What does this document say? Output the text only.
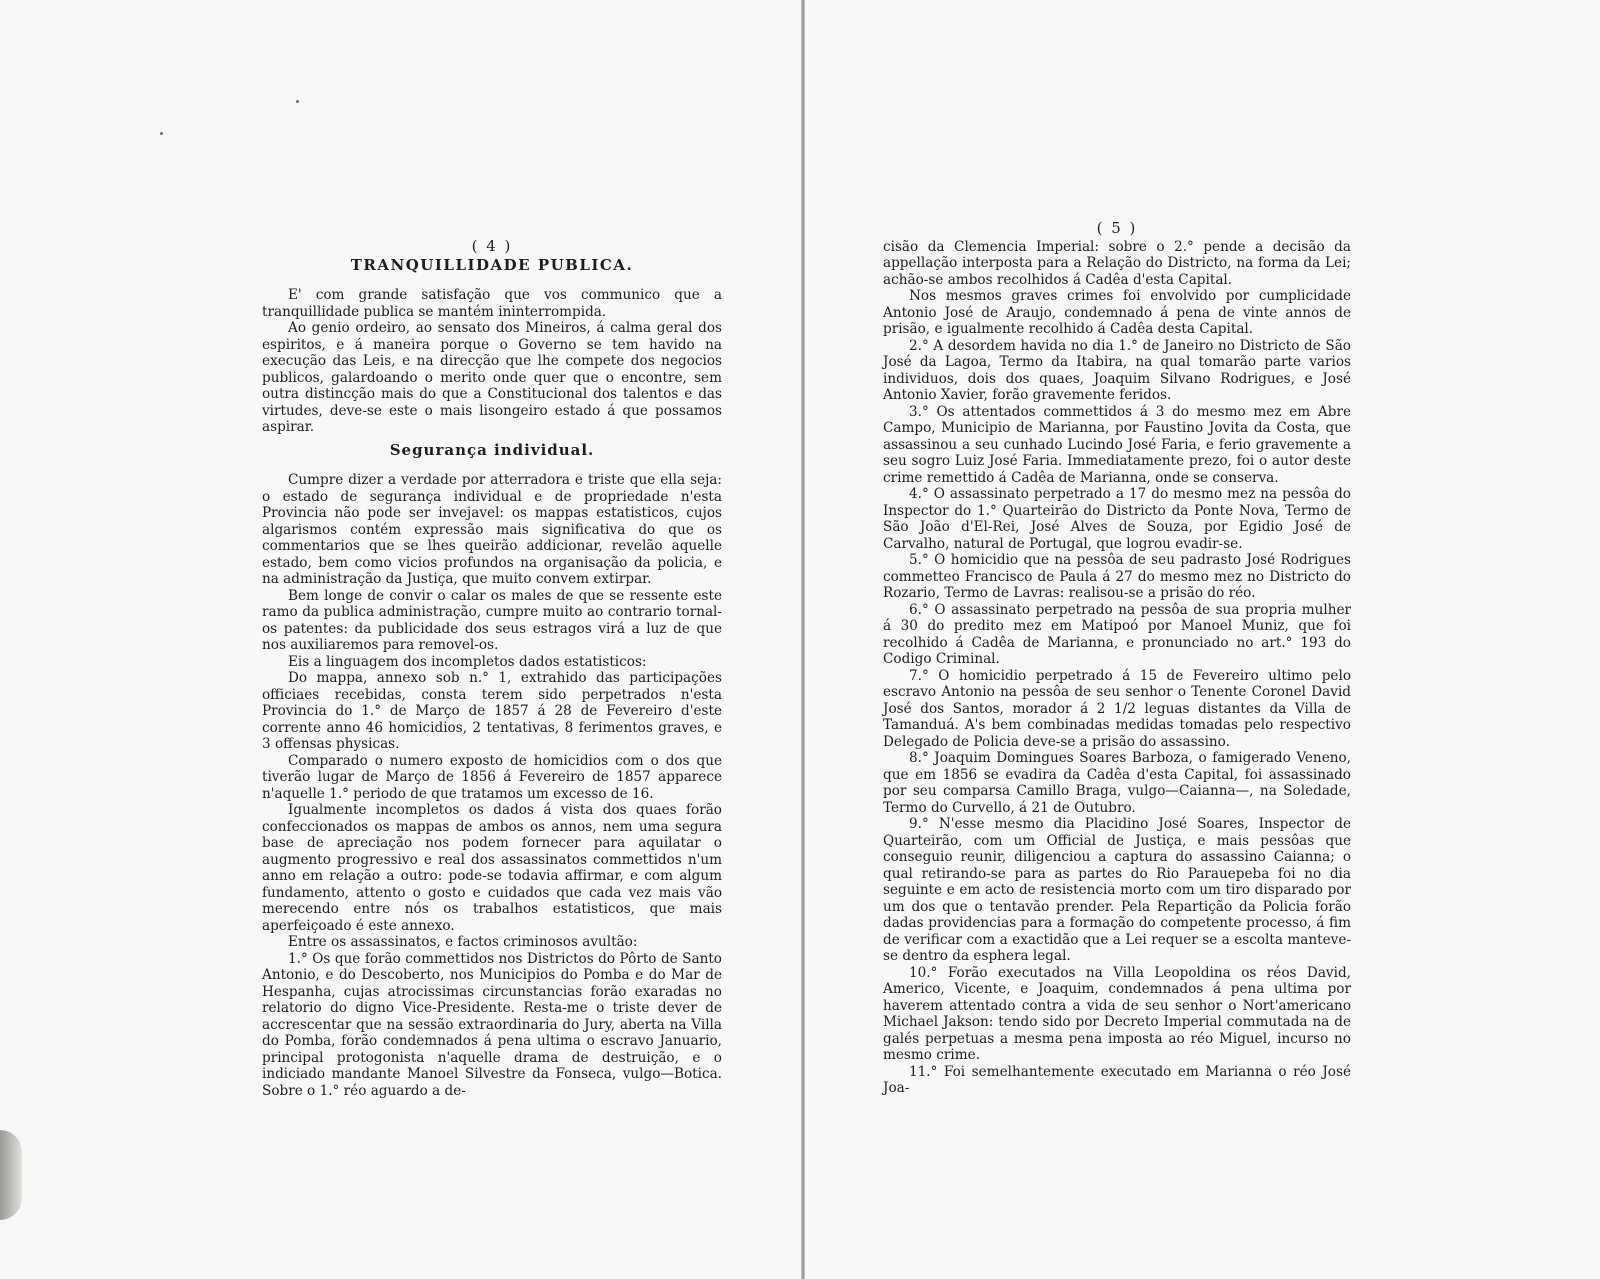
( 4 )
TRANQUILLIDADE PUBLICA.

E' com grande satisfação que vos communico que a tranquillidade publica se mantém ininterrompida.

Ao genio ordeiro, ao sensato dos Mineiros, á calma geral dos espiritos, e á maneira porque o Governo se tem havido na execução das Leis, e na direcção que lhe compete dos negocios publicos, galardoando o merito onde quer que o encontre, sem outra distincção mais do que a Constitucional dos talentos e das virtudes, deve-se este o mais lisongeiro estado á que possamos aspirar.

Segurança individual.

Cumpre dizer a verdade por atterradora e triste que ella seja: o estado de segurança individual e de propriedade n'esta Provincia não pode ser invejavel: os mappas estatisticos, cujos algarismos contém expressão mais significativa do que os commentarios que se lhes queirão addicionar, revelão aquelle estado, bem como vicios profundos na organisação da policia, e na administração da Justiça, que muito convem extirpar.

Bem longe de convir o calar os males de que se ressente este ramo da publica administração, cumpre muito ao contrario tornal-os patentes: da publicidade dos seus estragos virá a luz de que nos auxiliaremos para removel-os.

Eis a linguagem dos incompletos dados estatisticos:

Do mappa, annexo sob n.° 1, extrahido das participações officiaes recebidas, consta terem sido perpetrados n'esta Provincia do 1.° de Março de 1857 á 28 de Fevereiro d'este corrente anno 46 homicidios, 2 tentativas, 8 ferimentos graves, e 3 offensas physicas.

Comparado o numero exposto de homicidios com o dos que tiverão lugar de Março de 1856 á Fevereiro de 1857 apparece n'aquelle 1.° periodo de que tratamos um excesso de 16.

Igualmente incompletos os dados á vista dos quaes forão confeccionados os mappas de ambos os annos, nem uma segura base de apreciação nos podem fornecer para aquilatar o augmento progressivo e real dos assassinatos commettidos n'um anno em relação a outro: pode-se todavia affirmar, e com algum fundamento, attento o gosto e cuidados que cada vez mais vão merecendo entre nós os trabalhos estatisticos, que mais aperfeiçoado é este annexo.

Entre os assassinatos, e factos criminosos avultão:

1.° Os que forão commettidos nos Districtos do Pôrto de Santo Antonio, e do Descoberto, nos Municipios do Pomba e do Mar de Hespanha, cujas atrocissimas circunstancias forão exaradas no relatorio do digno Vice-Presidente. Resta-me o triste dever de accrescentar que na sessão extraordinaria do Jury, aberta na Villa do Pomba, forão condemnados á pena ultima o escravo Januario, principal protogonista n'aquelle drama de destruição, e o indiciado mandante Manoel Silvestre da Fonseca, vulgo—Botica. Sobre o 1.° réo aguardo a de-

( 5 )

cisão da Clemencia Imperial: sobre o 2.° pende a decisão da appellação interposta para a Relação do Districto, na forma da Lei; achão-se ambos recolhidos á Cadêa d'esta Capital.

Nos mesmos graves crimes foi envolvido por cumplicidade Antonio José de Araujo, condemnado á pena de vinte annos de prisão, e igualmente recolhido á Cadêa desta Capital.

2.° A desordem havida no dia 1.° de Janeiro no Districto de São José da Lagoa, Termo da Itabira, na qual tomarão parte varios individuos, dois dos quaes, Joaquim Silvano Rodrigues, e José Antonio Xavier, forão gravemente feridos.

3.° Os attentados commettidos á 3 do mesmo mez em Abre Campo, Municipio de Marianna, por Faustino Jovita da Costa, que assassinou a seu cunhado Lucindo José Faria, e ferio gravemente a seu sogro Luiz José Faria. Immediatamente prezo, foi o autor deste crime remettido á Cadêa de Marianna, onde se conserva.

4.° O assassinato perpetrado a 17 do mesmo mez na pessôa do Inspector do 1.° Quarteirão do Districto da Ponte Nova, Termo de São João d'El-Rei, José Alves de Souza, por Egidio José de Carvalho, natural de Portugal, que logrou evadir-se.

5.° O homicidio que na pessôa de seu padrasto José Rodrigues commetteo Francisco de Paula á 27 do mesmo mez no Districto do Rozario, Termo de Lavras: realisou-se a prisão do réo.

6.° O assassinato perpetrado na pessôa de sua propria mulher á 30 do predito mez em Matipoó por Manoel Muniz, que foi recolhido á Cadêa de Marianna, e pronunciado no art.° 193 do Codigo Criminal.

7.° O homicidio perpetrado á 15 de Fevereiro ultimo pelo escravo Antonio na pessôa de seu senhor o Tenente Coronel David José dos Santos, morador á 2 1/2 leguas distantes da Villa de Tamanduá. A's bem combinadas medidas tomadas pelo respectivo Delegado de Policia deve-se a prisão do assassino.

8.° Joaquim Domingues Soares Barboza, o famigerado Veneno, que em 1856 se evadira da Cadêa d'esta Capital, foi assassinado por seu comparsa Camillo Braga, vulgo—Caianna—, na Soledade, Termo do Curvello, á 21 de Outubro.

9.° N'esse mesmo dia Placidino José Soares, Inspector de Quarteirão, com um Official de Justiça, e mais pessôas que conseguio reunir, diligenciou a captura do assassino Caianna; o qual retirando-se para as partes do Rio Parauepeba foi no dia seguinte e em acto de resistencia morto com um tiro disparado por um dos que o tentavão prender. Pela Repartição da Policia forão dadas providencias para a formação do competente processo, á fim de verificar com a exactidão que a Lei requer se a escolta manteve-se dentro da esphera legal.

10.° Forão executados na Villa Leopoldina os réos David, Americo, Vicente, e Joaquim, condemnados á pena ultima por haverem attentado contra a vida de seu senhor o Nort'americano Michael Jakson: tendo sido por Decreto Imperial commutada na de galés perpetuas a mesma pena imposta ao réo Miguel, incurso no mesmo crime.

11.° Foi semelhantemente executado em Marianna o réo José Joa-
